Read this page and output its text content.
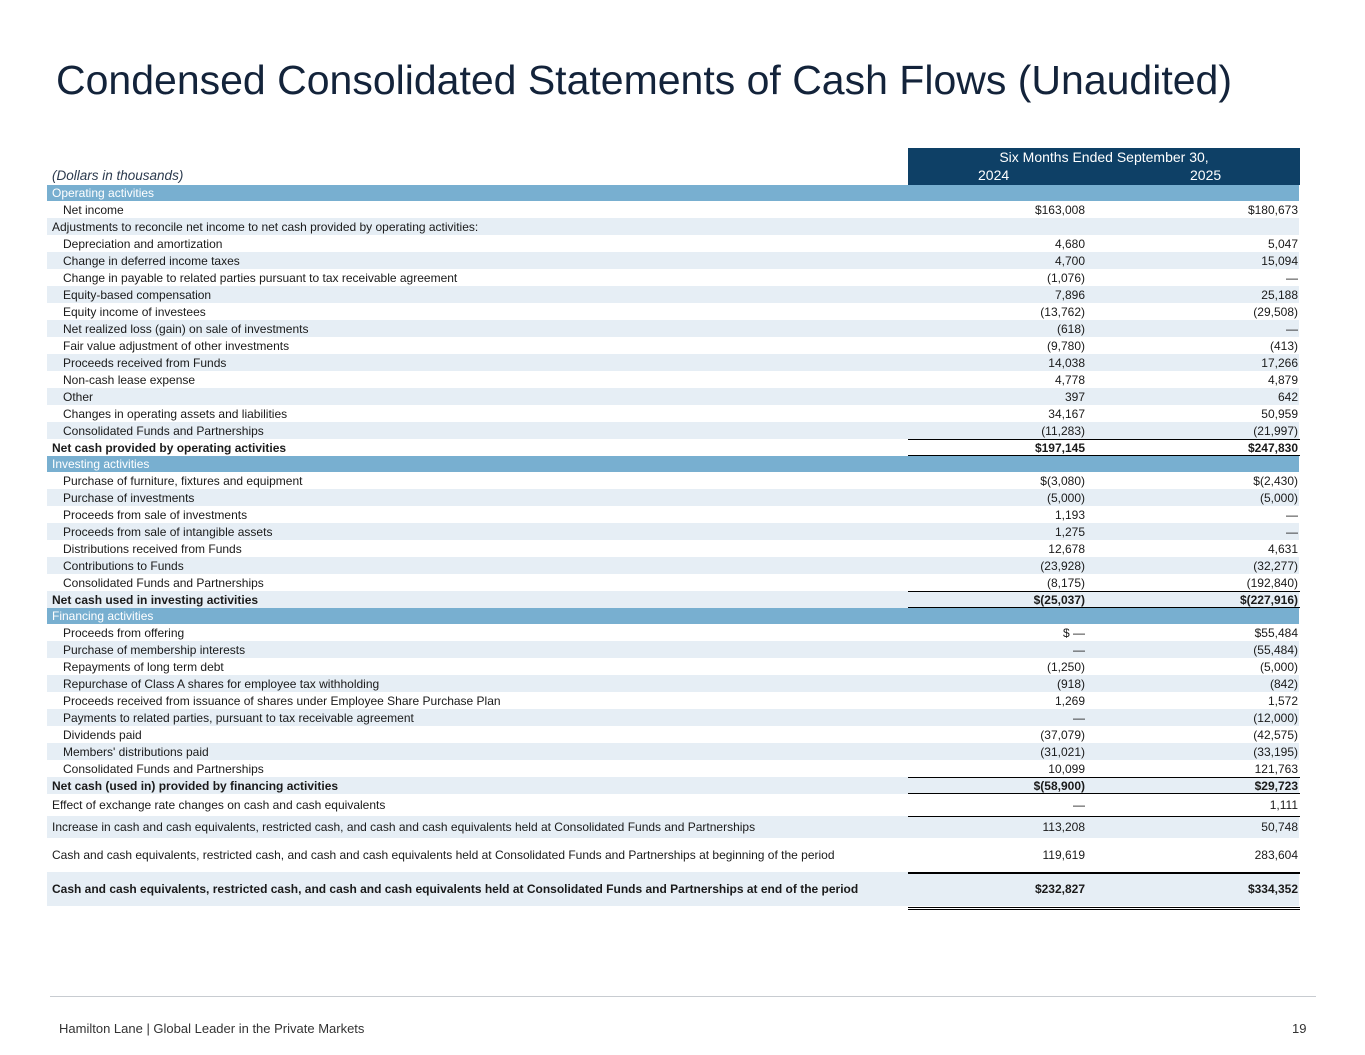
Condensed Consolidated Statements of Cash Flows (Unaudited)
(Dollars in thousands)
Six Months Ended September 30,
2024	2025
Operating activities
Net income	$163,008	$180,673
Adjustments to reconcile net income to net cash provided by operating activities:
Depreciation and amortization	4,680	5,047
Change in deferred income taxes	4,700	15,094
Change in payable to related parties pursuant to tax receivable agreement	(1,076)	—
Equity-based compensation	7,896	25,188
Equity income of investees	(13,762)	(29,508)
Net realized loss (gain) on sale of investments	(618)	—
Fair value adjustment of other investments	(9,780)	(413)
Proceeds received from Funds	14,038	17,266
Non-cash lease expense	4,778	4,879
Other	397	642
Changes in operating assets and liabilities	34,167	50,959
Consolidated Funds and Partnerships	(11,283)	(21,997)
Net cash provided by operating activities	$197,145	$247,830
Investing activities
Purchase of furniture, fixtures and equipment	$(3,080)	$(2,430)
Purchase of investments	(5,000)	(5,000)
Proceeds from sale of investments	1,193	—
Proceeds from sale of intangible assets	1,275	—
Distributions received from Funds	12,678	4,631
Contributions to Funds	(23,928)	(32,277)
Consolidated Funds and Partnerships	(8,175)	(192,840)
Net cash used in investing activities	$(25,037)	$(227,916)
Financing activities
Proceeds from offering	$ —	$55,484
Purchase of membership interests	—	(55,484)
Repayments of long term debt	(1,250)	(5,000)
Repurchase of Class A shares for employee tax withholding	(918)	(842)
Proceeds received from issuance of shares under Employee Share Purchase Plan	1,269	1,572
Payments to related parties, pursuant to tax receivable agreement	—	(12,000)
Dividends paid	(37,079)	(42,575)
Members' distributions paid	(31,021)	(33,195)
Consolidated Funds and Partnerships	10,099	121,763
Net cash (used in) provided by financing activities	$(58,900)	$29,723
Effect of exchange rate changes on cash and cash equivalents	—	1,111
Increase in cash and cash equivalents, restricted cash, and cash and cash equivalents held at Consolidated Funds and Partnerships	113,208	50,748
Cash and cash equivalents, restricted cash, and cash and cash equivalents held at Consolidated Funds and Partnerships at beginning of the period	119,619	283,604
Cash and cash equivalents, restricted cash, and cash and cash equivalents held at Consolidated Funds and Partnerships at end of the period	$232,827	$334,352
Hamilton Lane | Global Leader in the Private Markets	19
